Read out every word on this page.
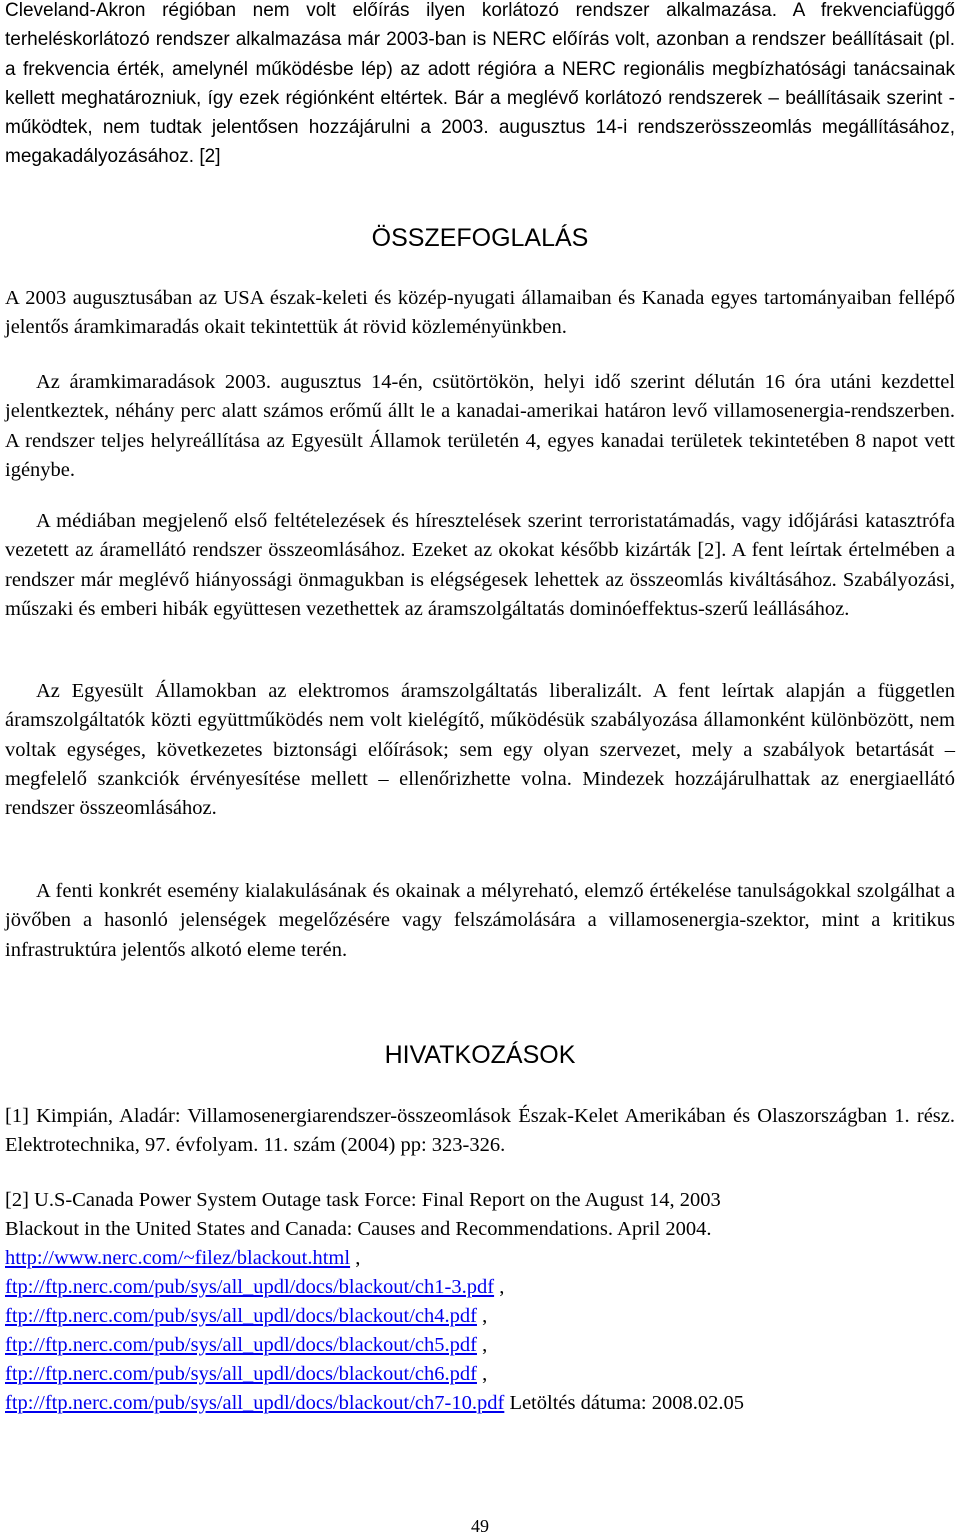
Cleveland-Akron régióban nem volt előírás ilyen korlátozó rendszer alkalmazása. A frekvenciafüggő terheléskorlátozó rendszer alkalmazása már 2003-ban is NERC előírás volt, azonban a rendszer beállításait (pl. a frekvencia érték, amelynél működésbe lép) az adott régióra a NERC regionális megbízhatósági tanácsainak kellett meghatározniuk, így ezek régiónként eltértek. Bár a meglévő korlátozó rendszerek – beállításaik szerint - működtek, nem tudtak jelentősen hozzájárulni a 2003. augusztus 14-i rendszerösszeomlás megállításához, megakadályozásához. [2]

ÖSSZEFOGLALÁS

A 2003 augusztusában az USA észak-keleti és közép-nyugati államaiban és Kanada egyes tartományaiban fellépő jelentős áramkimaradás okait tekintettük át rövid közleményünkben.

Az áramkimaradások 2003. augusztus 14-én, csütörtökön, helyi idő szerint délután 16 óra utáni kezdettel jelentkeztek, néhány perc alatt számos erőmű állt le a kanadai-amerikai határon levő villamosenergia-rendszerben. A rendszer teljes helyreállítása az Egyesült Államok területén 4, egyes kanadai területek tekintetében 8 napot vett igénybe.

A médiában megjelenő első feltételezések és híresztelések szerint terroristatámadás, vagy időjárási katasztrófa vezetett az áramellátó rendszer összeomlásához. Ezeket az okokat később kizárták [2]. A fent leírtak értelmében a rendszer már meglévő hiányossági önmagukban is elégségesek lehettek az összeomlás kiváltásához. Szabályozási, műszaki és emberi hibák együttesen vezethettek az áramszolgáltatás dominóeffektus-szerű leállásához.

Az Egyesült Államokban az elektromos áramszolgáltatás liberalizált. A fent leírtak alapján a független áramszolgáltatók közti együttműködés nem volt kielégítő, működésük szabályozása államonként különbözött, nem voltak egységes, következetes biztonsági előírások; sem egy olyan szervezet, mely a szabályok betartását – megfelelő szankciók érvényesítése mellett – ellenőrizhette volna. Mindezek hozzájárulhattak az energiaellátó rendszer összeomlásához.

A fenti konkrét esemény kialakulásának és okainak a mélyreható, elemző értékelése tanulságokkal szolgálhat a jövőben a hasonló jelenségek megelőzésére vagy felszámolására a villamosenergia-szektor, mint a kritikus infrastruktúra jelentős alkotó eleme terén.

HIVATKOZÁSOK

[1] Kimpián, Aladár: Villamosenergiarendszer-összeomlások Észak-Kelet Amerikában és Olaszországban 1. rész. Elektrotechnika, 97. évfolyam. 11. szám (2004) pp: 323-326.

[2] U.S-Canada Power System Outage task Force: Final Report on the August 14, 2003
Blackout in the United States and Canada: Causes and Recommendations. April 2004.
http://www.nerc.com/~filez/blackout.html ,
ftp://ftp.nerc.com/pub/sys/all_updl/docs/blackout/ch1-3.pdf ,
ftp://ftp.nerc.com/pub/sys/all_updl/docs/blackout/ch4.pdf ,
ftp://ftp.nerc.com/pub/sys/all_updl/docs/blackout/ch5.pdf ,
ftp://ftp.nerc.com/pub/sys/all_updl/docs/blackout/ch6.pdf ,
ftp://ftp.nerc.com/pub/sys/all_updl/docs/blackout/ch7-10.pdf Letöltés dátuma: 2008.02.05
49
